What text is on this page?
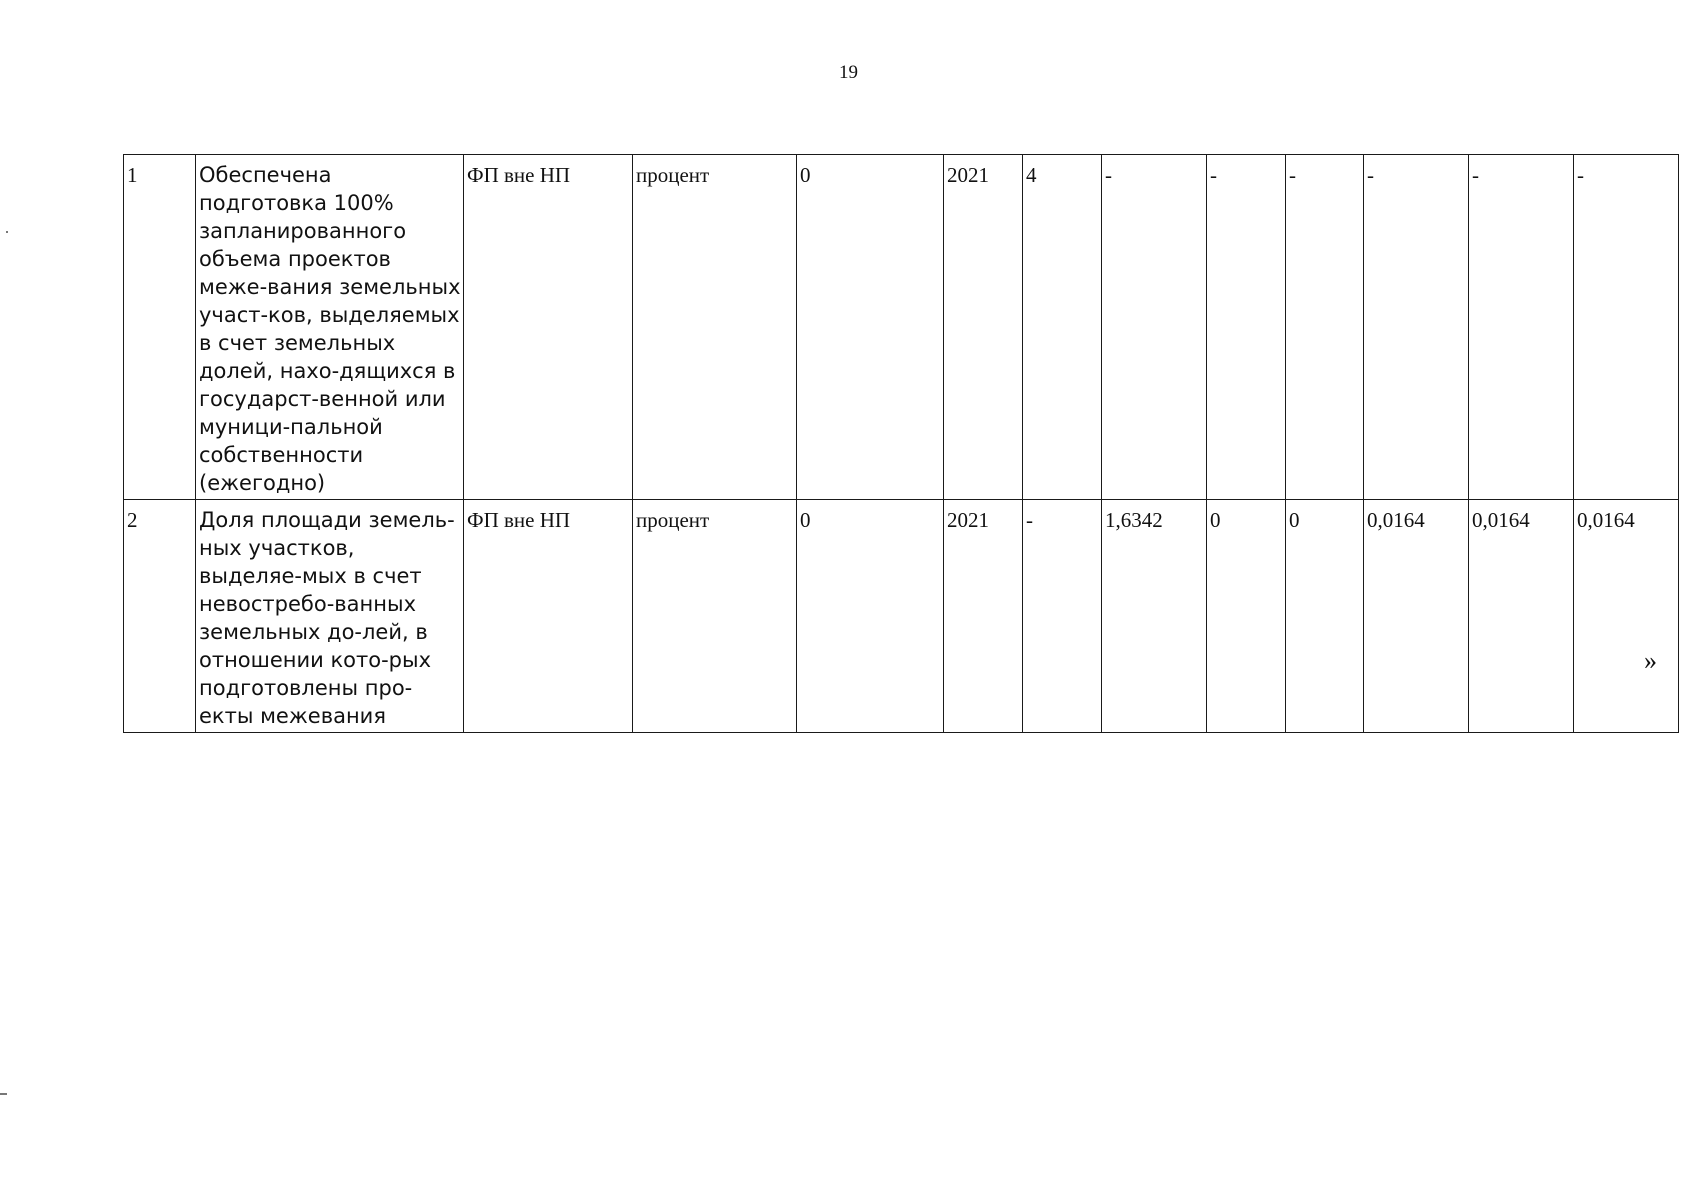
19
1	Обеспечена подготовка 100% запланированного объема проектов меже-вания земельных участ-ков, выделяемых в счет земельных долей, нахо-дящихся в государст-венной или муници-пальной собственности (ежегодно)	ФП вне НП	процент	0	2021	4	-	-	-	-	-	-
2	Доля площади земель-ных участков, выделяе-мых в счет невостребо-ванных земельных до-лей, в отношении кото-рых подготовлены про-екты межевания	ФП вне НП	процент	0	2021	-	1,6342	0	0	0,0164	0,0164	0,0164
»
